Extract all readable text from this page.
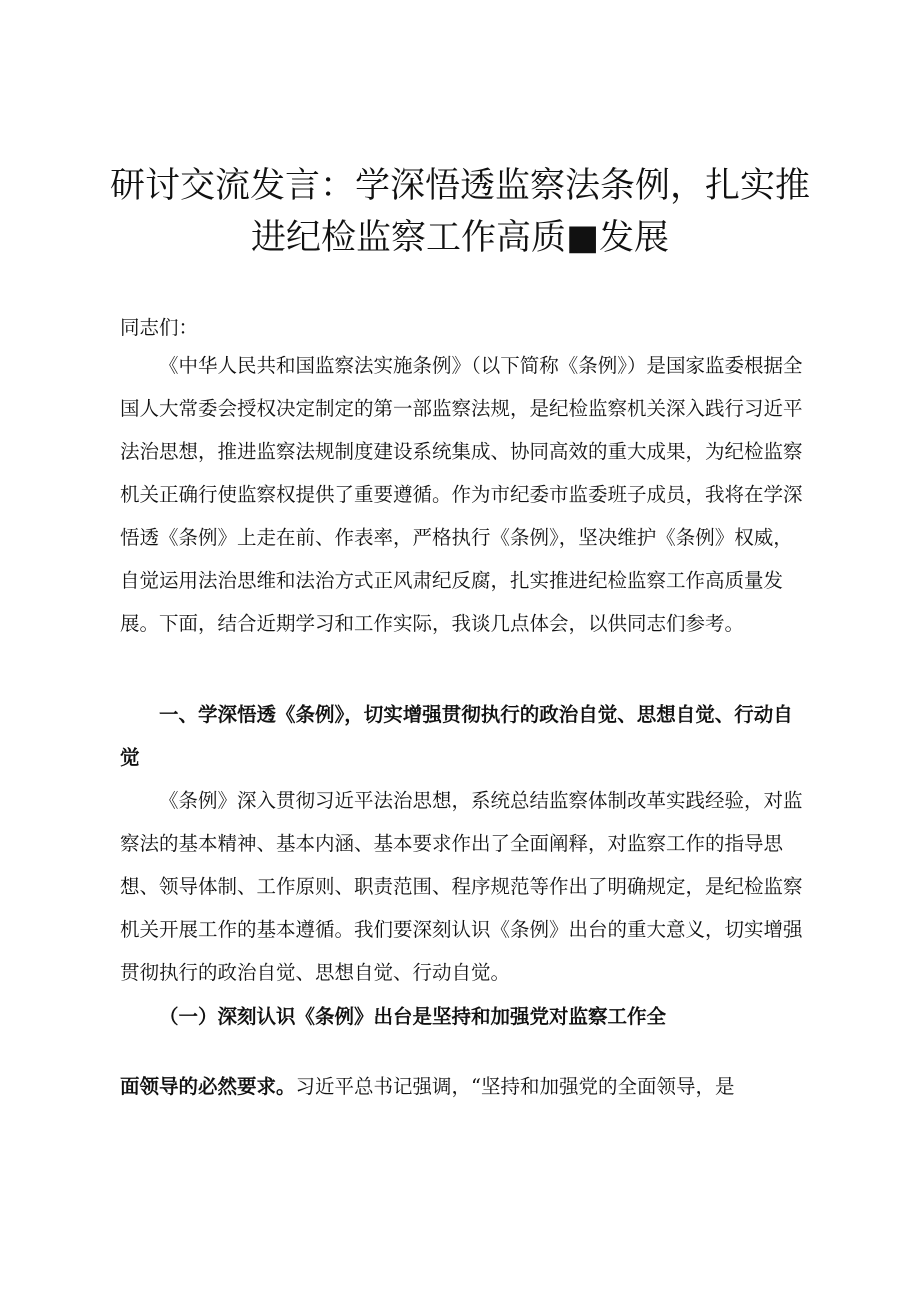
研讨交流发言：学深悟透监察法条例，扎实推
进纪检监察工作高质■发展

同志们：

《中华人民共和国监察法实施条例》（以下简称《条例》）是国家监委根据全国人大常委会授权决定制定的第一部监察法规，是纪检监察机关深入践行习近平法治思想，推进监察法规制度建设系统集成、协同高效的重大成果，为纪检监察机关正确行使监察权提供了重要遵循。作为市纪委市监委班子成员，我将在学深悟透《条例》上走在前、作表率，严格执行《条例》，坚决维护《条例》权威，自觉运用法治思维和法治方式正风肃纪反腐，扎实推进纪检监察工作高质量发展。下面，结合近期学习和工作实际，我谈几点体会，以供同志们参考。

一、学深悟透《条例》，切实增强贯彻执行的政治自觉、思想自觉、行动自觉

《条例》深入贯彻习近平法治思想，系统总结监察体制改革实践经验，对监察法的基本精神、基本内涵、基本要求作出了全面阐释，对监察工作的指导思想、领导体制、工作原则、职责范围、程序规范等作出了明确规定，是纪检监察机关开展工作的基本遵循。我们要深刻认识《条例》出台的重大意义，切实增强贯彻执行的政治自觉、思想自觉、行动自觉。

（一）深刻认识《条例》出台是坚持和加强党对监察工作全

面领导的必然要求。习近平总书记强调，“坚持和加强党的全面领导，是
